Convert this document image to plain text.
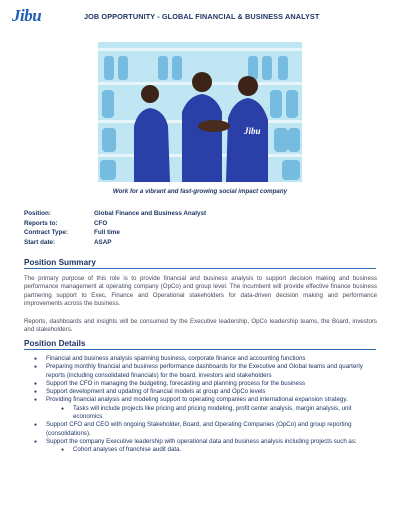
Jibu	JOB OPPORTUNITY - GLOBAL FINANCIAL & BUSINESS ANALYST
Jibu
Work for a vibrant and fast-growing social impact company
Position:	Global Finance and Business Analyst
Reports to:	CFO
Contract Type:	Full time
Start date:	ASAP
Position Summary

The primary purpose of this role is to provide financial and business analysis to support decision making and business performance management at operating company (OpCo) and group level. The incumbent will provide effective finance business partnering support to Exec, Finance and Operational stakeholders for data-driven decision making and performance improvements across the business.

Reports, dashboards and insights will be consumed by the Executive leadership, OpCo leadership teams, the Board, investors and stakeholders.

Position Details
● Financial and business analysis spanning business, corporate finance and accounting functions
● Preparing monthly financial and business performance dashboards for the Executive and Global teams and quarterly reports (including consolidated financials) for the board, investors and stakeholders
● Support the CFO in managing the budgeting, forecasting and planning process for the business
● Support development and updating of financial models at group and OpCo levels
● Providing financial analysis and modeling support to operating companies and international expansion strategy.
● Tasks will include projects like pricing and pricing modeling, profit center analysis, margin analysis, unit economics
● Support CFO and CEO with ongoing Stakeholder, Board, and Operating Companies (OpCo) and group reporting (consolidations).
● Support the company Executive leadership with operational data and business analysis including projects such as:
● Cohort analyses of franchise audit data.
